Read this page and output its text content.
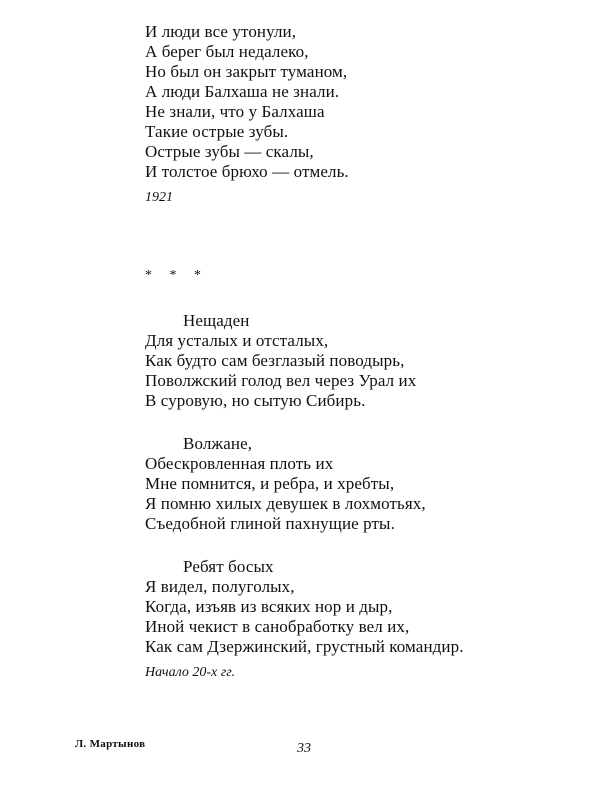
И люди все утонули,
А берег был недалеко,
Но был он закрыт туманом,
А люди Балхаша не знали.
Не знали, что у Балхаша
Такие острые зубы.
Острые зубы — скалы,
И толстое брюхо — отмель.
1921
* * *
Нещаден
Для усталых и отсталых,
Как будто сам безглазый поводырь,
Поволжский голод вел через Урал их
В суровую, но сытую Сибирь.
Волжане,
Обескровленная плоть их
Мне помнится, и ребра, и хребты,
Я помню хилых девушек в лохмотьях,
Съедобной глиной пахнущие рты.
Ребят босых
Я видел, полуголых,
Когда, изъяв из всяких нор и дыр,
Иной чекист в санобработку вел их,
Как сам Дзержинский, грустный командир.
Начало 20-х гг.
Л. Мартынов	33
